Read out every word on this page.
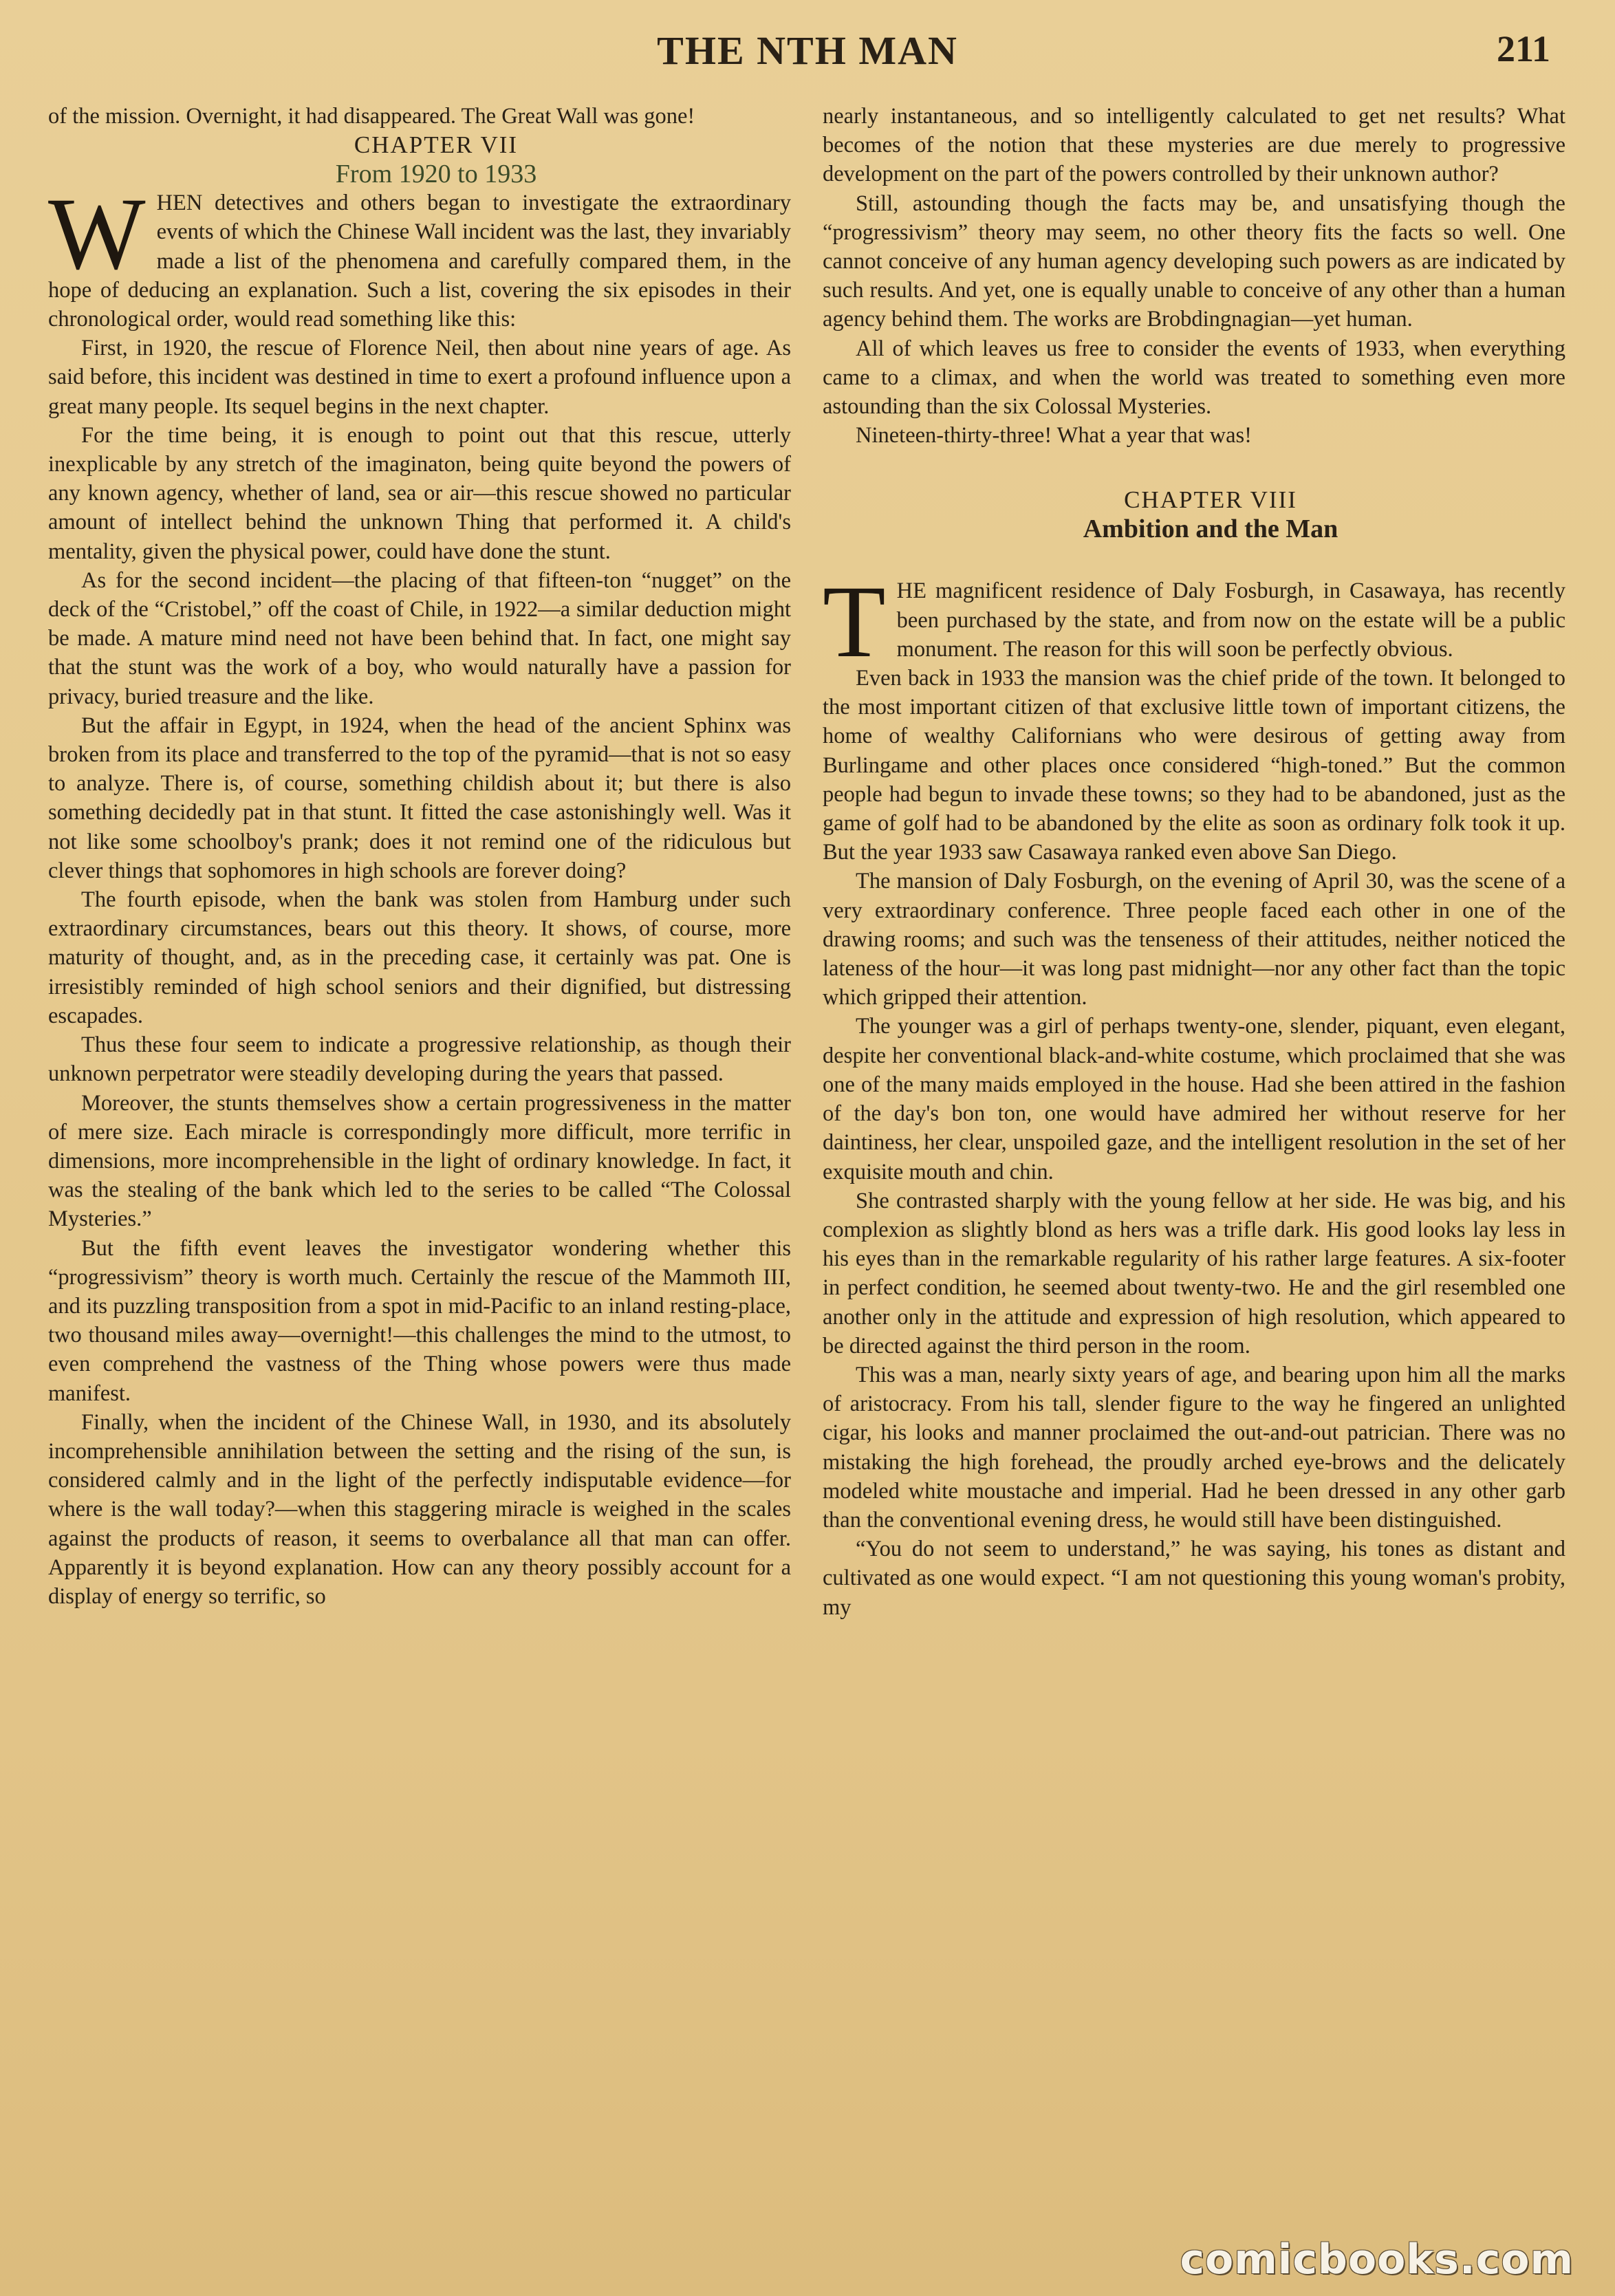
THE NTH MAN	211

of the mission. Overnight, it had disappeared. The Great Wall was gone!

CHAPTER VII

From 1920 to 1933

WHEN detectives and others began to investigate the extraordinary events of which the Chinese Wall incident was the last, they invariably made a list of the phenomena and carefully compared them, in the hope of deducing an explanation. Such a list, covering the six episodes in their chronological order, would read something like this:

First, in 1920, the rescue of Florence Neil, then about nine years of age. As said before, this incident was destined in time to exert a profound influence upon a great many people. Its sequel begins in the next chapter.

For the time being, it is enough to point out that this rescue, utterly inexplicable by any stretch of the imaginaton, being quite beyond the powers of any known agency, whether of land, sea or air—this rescue showed no particular amount of intellect behind the unknown Thing that performed it. A child's mentality, given the physical power, could have done the stunt.

As for the second incident—the placing of that fifteen-ton “nugget” on the deck of the “Cristobel,” off the coast of Chile, in 1922—a similar deduction might be made. A mature mind need not have been behind that. In fact, one might say that the stunt was the work of a boy, who would naturally have a passion for privacy, buried treasure and the like.

But the affair in Egypt, in 1924, when the head of the ancient Sphinx was broken from its place and transferred to the top of the pyramid—that is not so easy to analyze. There is, of course, something childish about it; but there is also something decidedly pat in that stunt. It fitted the case astonishingly well. Was it not like some schoolboy's prank; does it not remind one of the ridiculous but clever things that sophomores in high schools are forever doing?

The fourth episode, when the bank was stolen from Hamburg under such extraordinary circumstances, bears out this theory. It shows, of course, more maturity of thought, and, as in the preceding case, it certainly was pat. One is irresistibly reminded of high school seniors and their dignified, but distressing escapades.

Thus these four seem to indicate a progressive relationship, as though their unknown perpetrator were steadily developing during the years that passed.

Moreover, the stunts themselves show a certain progressiveness in the matter of mere size. Each miracle is correspondingly more difficult, more terrific in dimensions, more incomprehensible in the light of ordinary knowledge. In fact, it was the stealing of the bank which led to the series to be called “The Colossal Mysteries.”

But the fifth event leaves the investigator wondering whether this “progressivism” theory is worth much. Certainly the rescue of the Mammoth III, and its puzzling transposition from a spot in mid-Pacific to an inland resting-place, two thousand miles away—overnight!—this challenges the mind to the utmost, to even comprehend the vastness of the Thing whose powers were thus made manifest.

Finally, when the incident of the Chinese Wall, in 1930, and its absolutely incomprehensible annihilation between the setting and the rising of the sun, is considered calmly and in the light of the perfectly indisputable evidence—for where is the wall today?—when this staggering miracle is weighed in the scales against the products of reason, it seems to overbalance all that man can offer. Apparently it is beyond explanation. How can any theory possibly account for a display of energy so terrific, so

nearly instantaneous, and so intelligently calculated to get net results? What becomes of the notion that these mysteries are due merely to progressive development on the part of the powers controlled by their unknown author?

Still, astounding though the facts may be, and unsatisfying though the “progressivism” theory may seem, no other theory fits the facts so well. One cannot conceive of any human agency developing such powers as are indicated by such results. And yet, one is equally unable to conceive of any other than a human agency behind them. The works are Brobdingnagian—yet human.

All of which leaves us free to consider the events of 1933, when everything came to a climax, and when the world was treated to something even more astounding than the six Colossal Mysteries.

Nineteen-thirty-three! What a year that was!

CHAPTER VIII

Ambition and the Man

THE magnificent residence of Daly Fosburgh, in Casawaya, has recently been purchased by the state, and from now on the estate will be a public monument. The reason for this will soon be perfectly obvious.

Even back in 1933 the mansion was the chief pride of the town. It belonged to the most important citizen of that exclusive little town of important citizens, the home of wealthy Californians who were desirous of getting away from Burlingame and other places once considered “high-toned.” But the common people had begun to invade these towns; so they had to be abandoned, just as the game of golf had to be abandoned by the elite as soon as ordinary folk took it up. But the year 1933 saw Casawaya ranked even above San Diego.

The mansion of Daly Fosburgh, on the evening of April 30, was the scene of a very extraordinary conference. Three people faced each other in one of the drawing rooms; and such was the tenseness of their attitudes, neither noticed the lateness of the hour—it was long past midnight—nor any other fact than the topic which gripped their attention.

The younger was a girl of perhaps twenty-one, slender, piquant, even elegant, despite her conventional black-and-white costume, which proclaimed that she was one of the many maids employed in the house. Had she been attired in the fashion of the day's bon ton, one would have admired her without reserve for her daintiness, her clear, unspoiled gaze, and the intelligent resolution in the set of her exquisite mouth and chin.

She contrasted sharply with the young fellow at her side. He was big, and his complexion as slightly blond as hers was a trifle dark. His good looks lay less in his eyes than in the remarkable regularity of his rather large features. A six-footer in perfect condition, he seemed about twenty-two. He and the girl resembled one another only in the attitude and expression of high resolution, which appeared to be directed against the third person in the room.

This was a man, nearly sixty years of age, and bearing upon him all the marks of aristocracy. From his tall, slender figure to the way he fingered an unlighted cigar, his looks and manner proclaimed the out-and-out patrician. There was no mistaking the high forehead, the proudly arched eye-brows and the delicately modeled white moustache and imperial. Had he been dressed in any other garb than the conventional evening dress, he would still have been distinguished.

“You do not seem to understand,” he was saying, his tones as distant and cultivated as one would expect. “I am not questioning this young woman's probity, my

comicbooks.com
